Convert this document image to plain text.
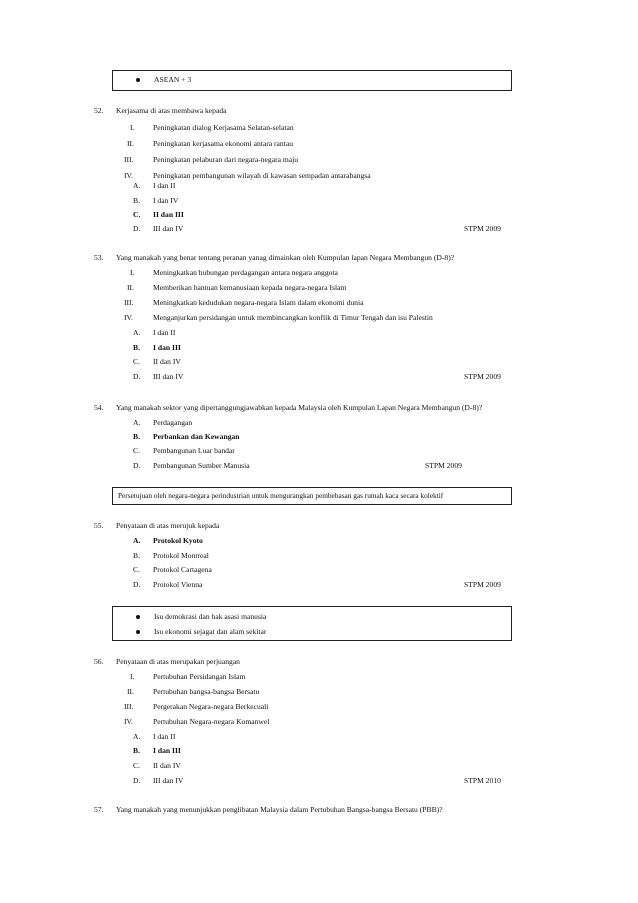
ASEAN + 3
52. Kerjasama di atas membawa kepada
I. Peningkatan dialog Kerjasama Selatan-selatan
II.	Peningkatan kerjasama ekonomi antara rantau
III.	Peningkatan pelaburan dari negara-negara maju
IV.	Peningkatan pembangunan wilayah di kawasan sempadan antarabangsa
A. I dan II
B. I dan IV
C. II dan III
D. III dan IV	STPM 2009
53. Yang manakah yang benar tentang peranan yanag dimainkan oleh Kumpulan lapan Negara Membangun (D-8)?
I. Meningkatkan hubungan perdagangan antara negara anggota
II.	Memberikan bantuan kemanusiaan kepada negara-negara Islam
III.	Meningkatkan kedudukan negara-negara Islam dalam ekonomi dunia
IV.	Menganjurkan persidangan untuk membincangkan konflik di Timur Tengah dan isu Palestin
A. I dan II
B. I dan III
C. II dan IV
D. III dan IV	STPM 2009
54. Yang manakah sektor yang dipertanggungjawabkan kepada Malaysia oleh Kumpulan Lapan Negara Membangun (D-8)?
A. Perdagangan
B. Perbankan dan Kewangan
C. Pembangunan Luar bandar
D. Pembangunan Sumber Manusia	STPM 2009
Persetujuan oleh negara-negara perindustrian untuk mengurangkan pembebasan gas rumah kaca secara kolektif
55. Penyataan di atas merujuk kepada
A. Protokol Kyoto
B. Protokol Montreal
C. Protokol Cartagena
D. Protokol Vienna	STPM 2009
Isu demokrasi dan hak asasi manusia
Isu ekonomi sejagat dan alam sekitar
56. Penyataan di atas merupakan perjuangan
I. Pertubuhan Persidangan Islam
II.	Pertubuhan bangsa-bangsa Bersatu
III.	Pergerakan Negara-negara Berkecuali
IV.	Pertubuhan Negara-negara Komanwel
A. I dan II
B. I dan III
C. II dan IV
D. III dan IV	STPM 2010
57. Yang manakah yang menunjukkan penglibatan Malaysia dalam Pertubuhan Bangsa-bangsa Bersatu (PBB)?
